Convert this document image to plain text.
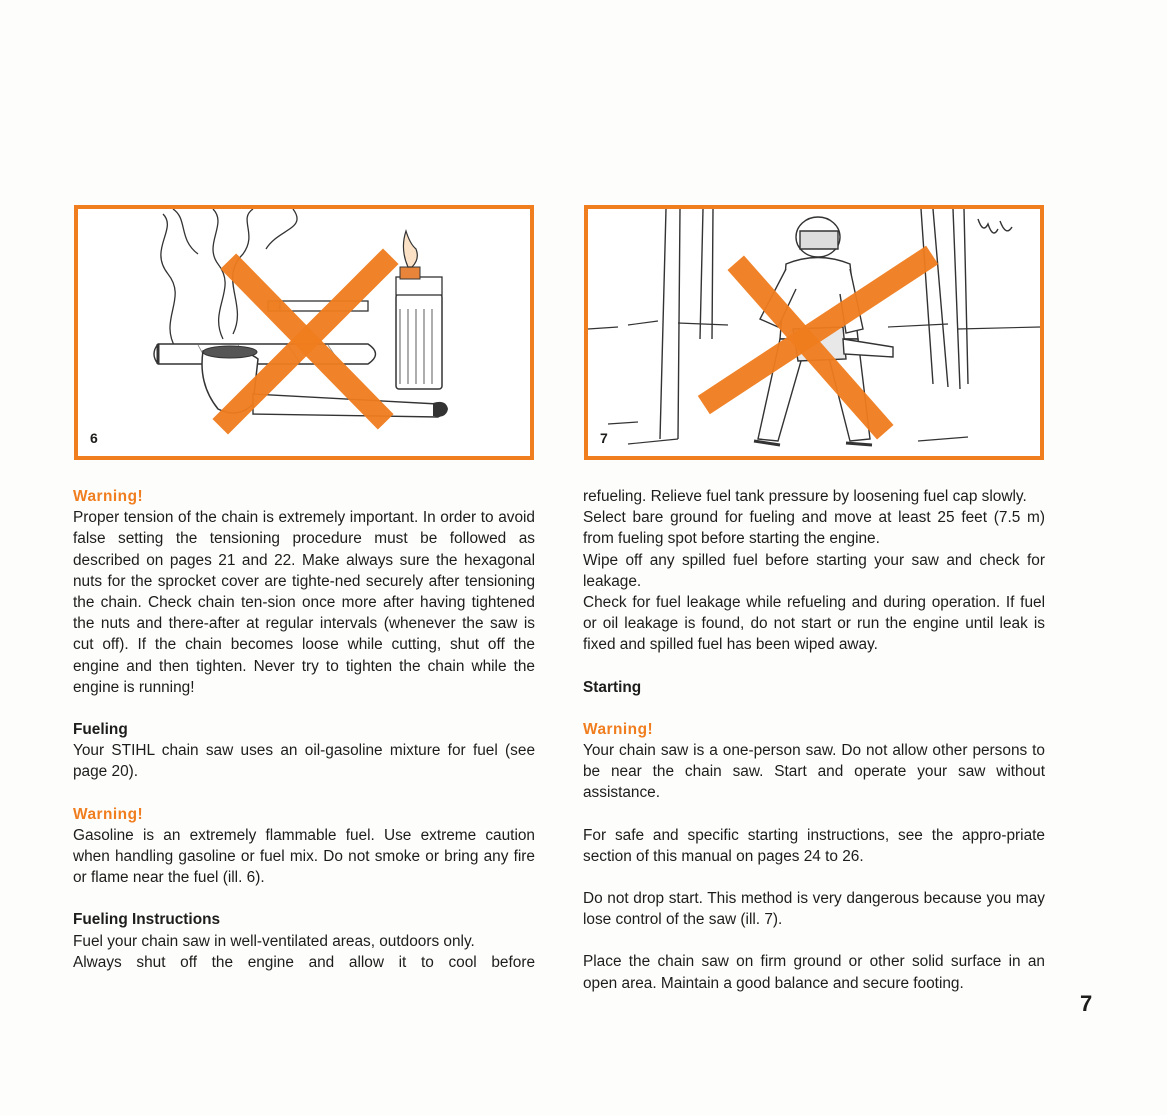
6	7

Warning!

Proper tension of the chain is extremely important. In order to avoid false setting the tensioning procedure must be followed as described on pages 21 and 22. Make always sure the hexagonal nuts for the sprocket cover are tighte-ned securely after tensioning the chain. Check chain ten-sion once more after having tightened the nuts and there-after at regular intervals (whenever the saw is cut off). If the chain becomes loose while cutting, shut off the engine and then tighten. Never try to tighten the chain while the engine is running!

Fueling

Your STIHL chain saw uses an oil-gasoline mixture for fuel (see page 20).

Warning!

Gasoline is an extremely flammable fuel. Use extreme caution when handling gasoline or fuel mix. Do not smoke or bring any fire or flame near the fuel (ill. 6).

Fueling Instructions

Fuel your chain saw in well-ventilated areas, outdoors only.

Always shut off the engine and allow it to cool before

refueling. Relieve fuel tank pressure by loosening fuel cap slowly.

Select bare ground for fueling and move at least 25 feet (7.5 m) from fueling spot before starting the engine.

Wipe off any spilled fuel before starting your saw and check for leakage.

Check for fuel leakage while refueling and during operation. If fuel or oil leakage is found, do not start or run the engine until leak is fixed and spilled fuel has been wiped away.

Starting

Warning!

Your chain saw is a one-person saw. Do not allow other persons to be near the chain saw. Start and operate your saw without assistance.

For safe and specific starting instructions, see the appro-priate section of this manual on pages 24 to 26.

Do not drop start. This method is very dangerous because you may lose control of the saw (ill. 7).

Place the chain saw on firm ground or other solid surface in an open area. Maintain a good balance and secure footing.

7
